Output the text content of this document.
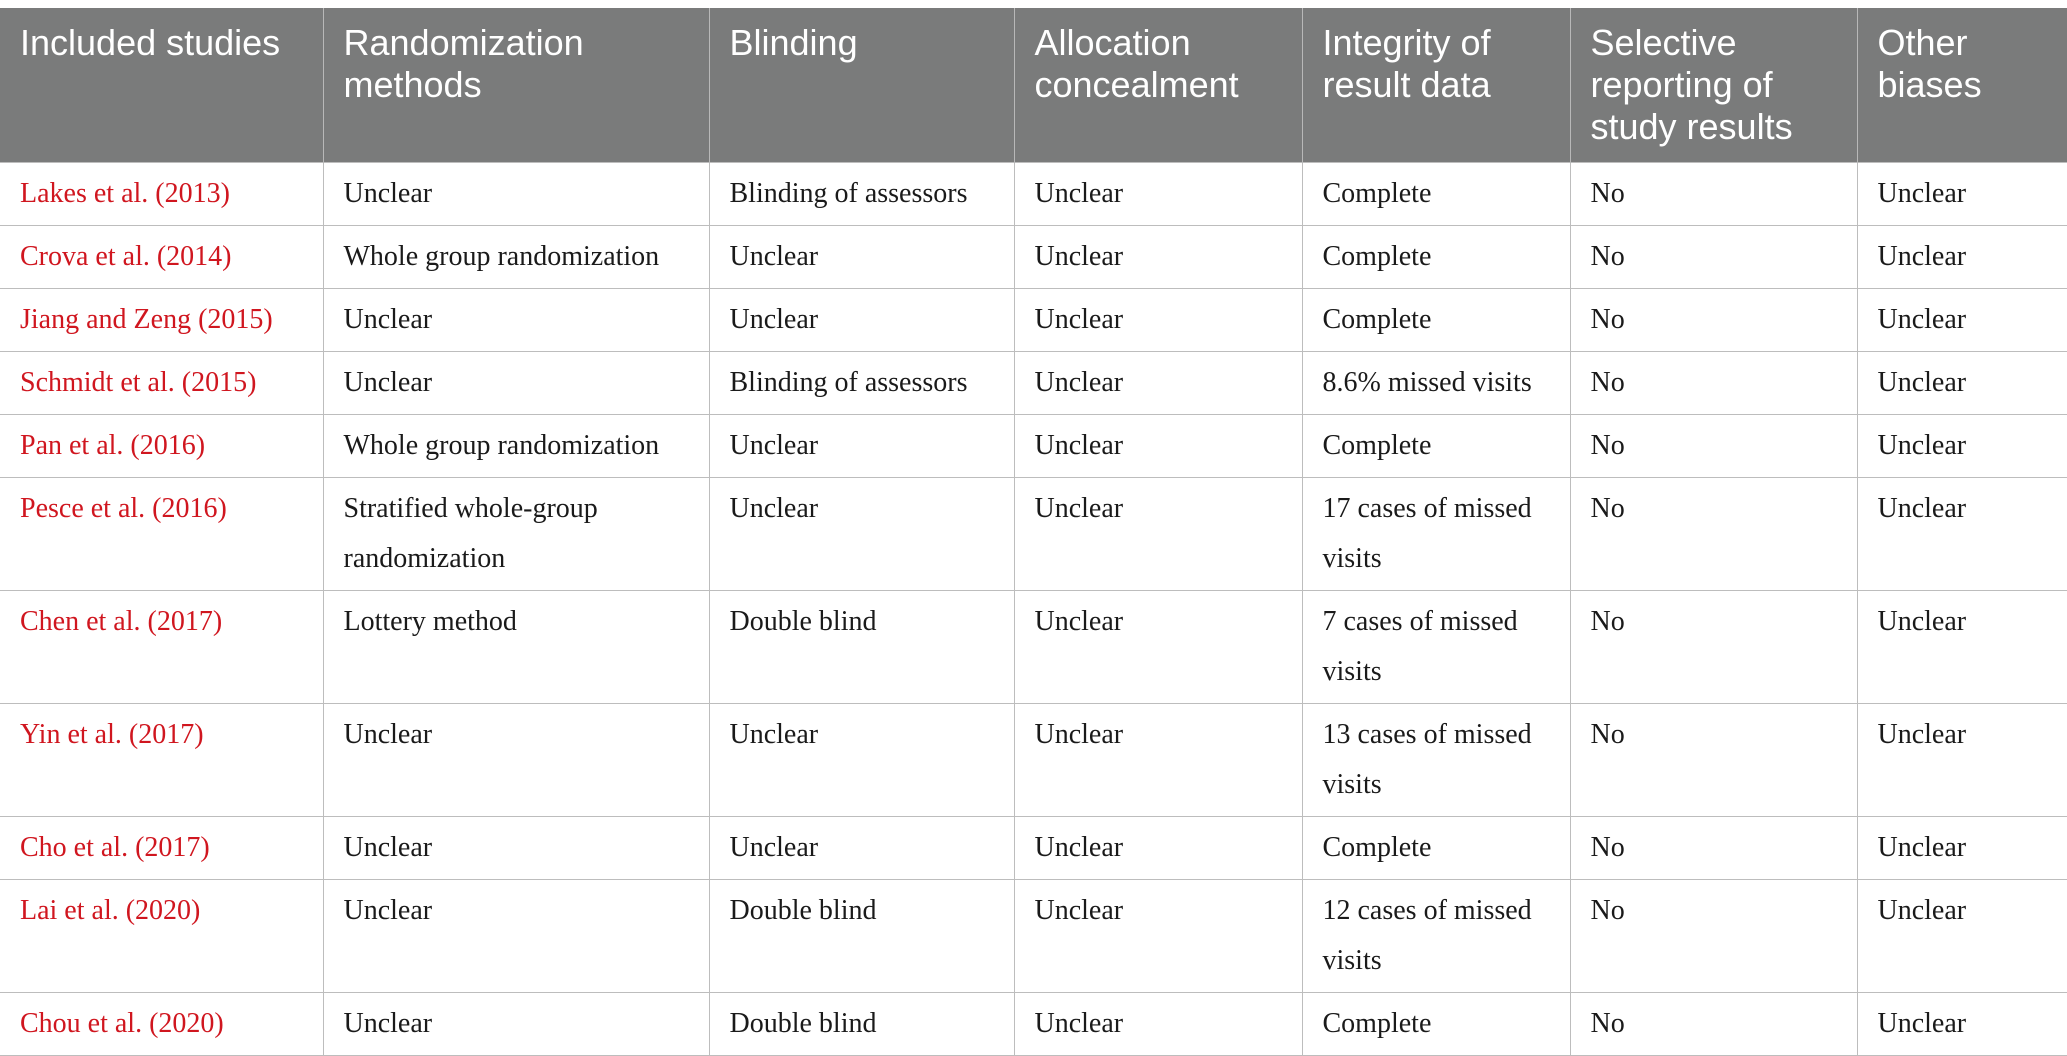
Included studies	Randomization methods	Blinding	Allocation concealment	Integrity of result data	Selective reporting of study results	Other biases
Lakes et al. (2013)	Unclear	Blinding of assessors	Unclear	Complete	No	Unclear
Crova et al. (2014)	Whole group randomization	Unclear	Unclear	Complete	No	Unclear
Jiang and Zeng (2015)	Unclear	Unclear	Unclear	Complete	No	Unclear
Schmidt et al. (2015)	Unclear	Blinding of assessors	Unclear	8.6% missed visits	No	Unclear
Pan et al. (2016)	Whole group randomization	Unclear	Unclear	Complete	No	Unclear
Pesce et al. (2016)	Stratified whole-group randomization	Unclear	Unclear	17 cases of missed visits	No	Unclear
Chen et al. (2017)	Lottery method	Double blind	Unclear	7 cases of missed visits	No	Unclear
Yin et al. (2017)	Unclear	Unclear	Unclear	13 cases of missed visits	No	Unclear
Cho et al. (2017)	Unclear	Unclear	Unclear	Complete	No	Unclear
Lai et al. (2020)	Unclear	Double blind	Unclear	12 cases of missed visits	No	Unclear
Chou et al. (2020)	Unclear	Double blind	Unclear	Complete	No	Unclear
